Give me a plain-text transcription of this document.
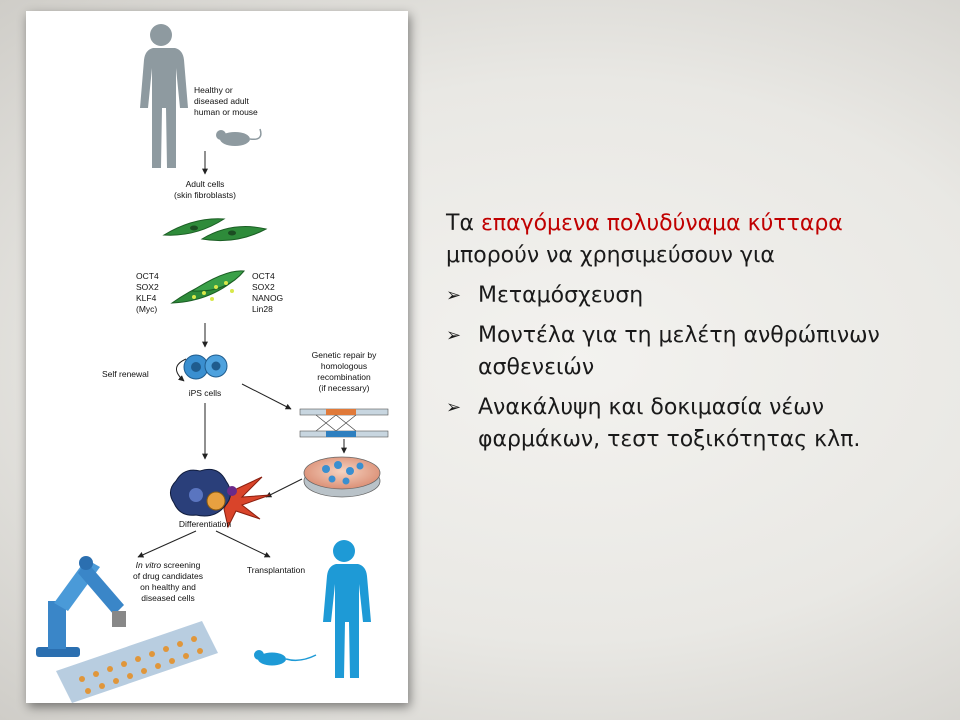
Healthy or
diseased adult
human or mouse
Adult cells
(skin fibroblasts)
OCT4
SOX2
KLF4
(Myc)
OCT4
SOX2
NANOG
Lin28
Self renewal
iPS cells
Genetic repair by
homologous
recombination
(if necessary)
Differentiation
In vitro screening
of drug candidates
on healthy and
diseased cells
Transplantation

Τα επαγόμενα πολυδύναμα κύτταρα μπορούν να χρησιμεύσουν για

➢ Μεταμόσχευση
➢ Μοντέλα για τη μελέτη ανθρώπινων ασθενειών
➢ Ανακάλυψη και δοκιμασία νέων φαρμάκων, τεστ τοξικότητας κλπ.
